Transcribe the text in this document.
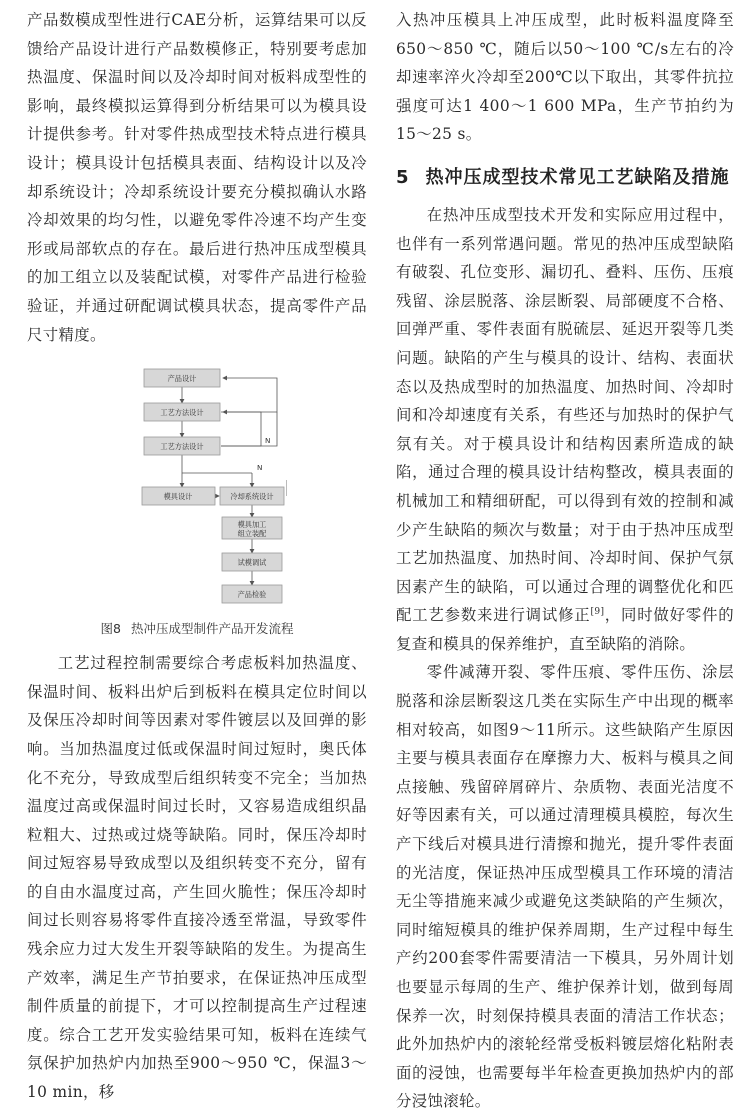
产品数模成型性进行CAE分析，运算结果可以反馈给产品设计进行产品数模修正，特别要考虑加热温度、保温时间以及冷却时间对板料成型性的影响，最终模拟运算得到分析结果可以为模具设计提供参考。针对零件热成型技术特点进行模具设计；模具设计包括模具表面、结构设计以及冷却系统设计；冷却系统设计要充分模拟确认水路冷却效果的均匀性，以避免零件冷速不均产生变形或局部软点的存在。最后进行热冲压成型模具的加工组立以及装配试模，对零件产品进行检验验证，并通过研配调试模具状态，提高零件产品尺寸精度。

N
N
产品设计
工艺方法设计
工艺方法设计
模具设计	冷却系统设计
模具加工
组立装配
试模调试
产品检验
图8 热冲压成型制件产品开发流程

工艺过程控制需要综合考虑板料加热温度、保温时间、板料出炉后到板料在模具定位时间以及保压冷却时间等因素对零件镀层以及回弹的影响。当加热温度过低或保温时间过短时，奥氏体化不充分，导致成型后组织转变不完全；当加热温度过高或保温时间过长时，又容易造成组织晶粒粗大、过热或过烧等缺陷。同时，保压冷却时间过短容易导致成型以及组织转变不充分，留有的自由水温度过高，产生回火脆性；保压冷却时间过长则容易将零件直接冷透至常温，导致零件残余应力过大发生开裂等缺陷的发生。为提高生产效率，满足生产节拍要求，在保证热冲压成型制件质量的前提下，才可以控制提高生产过程速度。综合工艺开发实验结果可知，板料在连续气氛保护加热炉内加热至900～950 ℃，保温3～10 min，移

入热冲压模具上冲压成型，此时板料温度降至650～850 ℃，随后以50～100 ℃/s左右的冷却速率淬火冷却至200℃以下取出，其零件抗拉强度可达1 400～1 600 MPa，生产节拍约为15～25 s。

5 热冲压成型技术常见工艺缺陷及措施

在热冲压成型技术开发和实际应用过程中，也伴有一系列常遇问题。常见的热冲压成型缺陷有破裂、孔位变形、漏切孔、叠料、压伤、压痕残留、涂层脱落、涂层断裂、局部硬度不合格、回弹严重、零件表面有脱硫层、延迟开裂等几类问题。缺陷的产生与模具的设计、结构、表面状态以及热成型时的加热温度、加热时间、冷却时间和冷却速度有关系，有些还与加热时的保护气氛有关。对于模具设计和结构因素所造成的缺陷，通过合理的模具设计结构整改，模具表面的机械加工和精细研配，可以得到有效的控制和减少产生缺陷的频次与数量；对于由于热冲压成型工艺加热温度、加热时间、冷却时间、保护气氛因素产生的缺陷，可以通过合理的调整优化和匹配工艺参数来进行调试修正[9]，同时做好零件的复查和模具的保养维护，直至缺陷的消除。

零件减薄开裂、零件压痕、零件压伤、涂层脱落和涂层断裂这几类在实际生产中出现的概率相对较高，如图9～11所示。这些缺陷产生原因主要与模具表面存在摩擦力大、板料与模具之间点接触、残留碎屑碎片、杂质物、表面光洁度不好等因素有关，可以通过清理模具模腔，每次生产下线后对模具进行清擦和抛光，提升零件表面的光洁度，保证热冲压成型模具工作环境的清洁无尘等措施来减少或避免这类缺陷的产生频次，同时缩短模具的维护保养周期，生产过程中每生产约200套零件需要清洁一下模具，另外周计划也要显示每周的生产、维护保养计划，做到每周保养一次，时刻保持模具表面的清洁工作状态；此外加热炉内的滚轮经常受板料镀层熔化粘附表面的浸蚀，也需要每半年检查更换加热炉内的部分浸蚀滚轮。
